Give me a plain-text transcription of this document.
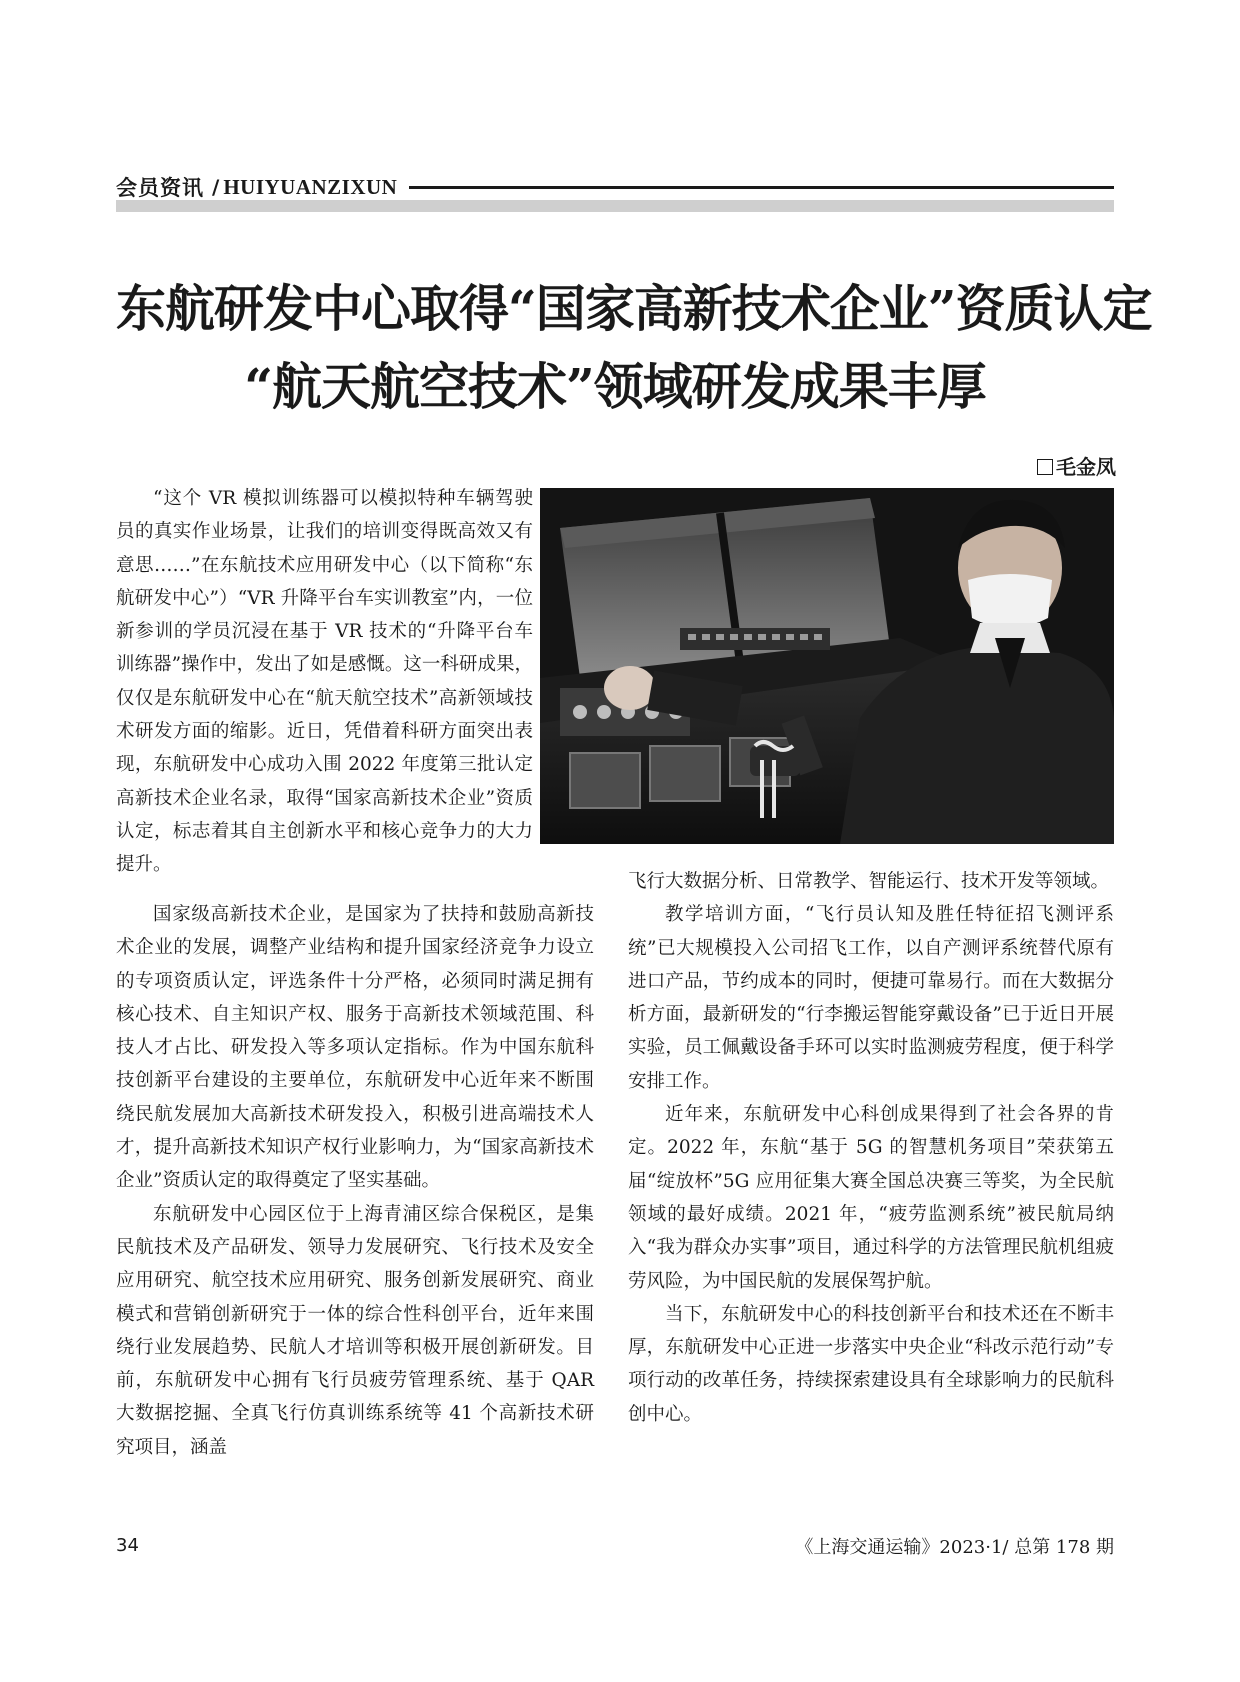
会员资讯 / HUIYUANZIXUN
东航研发中心取得“国家高新技术企业”资质认定
“航天航空技术”领域研发成果丰厚
毛金凤

“这个 VR 模拟训练器可以模拟特种车辆驾驶员的真实作业场景，让我们的培训变得既高效又有意思……”在东航技术应用研发中心（以下简称“东航研发中心”）“VR 升降平台车实训教室”内，一位新参训的学员沉浸在基于 VR 技术的“升降平台车训练器”操作中，发出了如是感慨。这一科研成果，仅仅是东航研发中心在“航天航空技术”高新领域技术研发方面的缩影。近日，凭借着科研方面突出表现，东航研发中心成功入围 2022 年度第三批认定高新技术企业名录，取得“国家高新技术企业”资质认定，标志着其自主创新水平和核心竞争力的大力提升。

国家级高新技术企业，是国家为了扶持和鼓励高新技术企业的发展，调整产业结构和提升国家经济竞争力设立的专项资质认定，评选条件十分严格，必须同时满足拥有核心技术、自主知识产权、服务于高新技术领域范围、科技人才占比、研发投入等多项认定指标。作为中国东航科技创新平台建设的主要单位，东航研发中心近年来不断围绕民航发展加大高新技术研发投入，积极引进高端技术人才，提升高新技术知识产权行业影响力，为“国家高新技术企业”资质认定的取得奠定了坚实基础。

东航研发中心园区位于上海青浦区综合保税区，是集民航技术及产品研发、领导力发展研究、飞行技术及安全应用研究、航空技术应用研究、服务创新发展研究、商业模式和营销创新研究于一体的综合性科创平台，近年来围绕行业发展趋势、民航人才培训等积极开展创新研发。目前，东航研发中心拥有飞行员疲劳管理系统、基于 QAR 大数据挖掘、全真飞行仿真训练系统等 41 个高新技术研究项目，涵盖

飞行大数据分析、日常教学、智能运行、技术开发等领域。

教学培训方面，“飞行员认知及胜任特征招飞测评系统”已大规模投入公司招飞工作，以自产测评系统替代原有进口产品，节约成本的同时，便捷可靠易行。而在大数据分析方面，最新研发的“行李搬运智能穿戴设备”已于近日开展实验，员工佩戴设备手环可以实时监测疲劳程度，便于科学安排工作。

近年来，东航研发中心科创成果得到了社会各界的肯定。2022 年，东航“基于 5G 的智慧机务项目”荣获第五届“绽放杯”5G 应用征集大赛全国总决赛三等奖，为全民航领域的最好成绩。2021 年，“疲劳监测系统”被民航局纳入“我为群众办实事”项目，通过科学的方法管理民航机组疲劳风险，为中国民航的发展保驾护航。

当下，东航研发中心的科技创新平台和技术还在不断丰厚，东航研发中心正进一步落实中央企业“科改示范行动”专项行动的改革任务，持续探索建设具有全球影响力的民航科创中心。

34	《上海交通运输》2023·1/ 总第 178 期
